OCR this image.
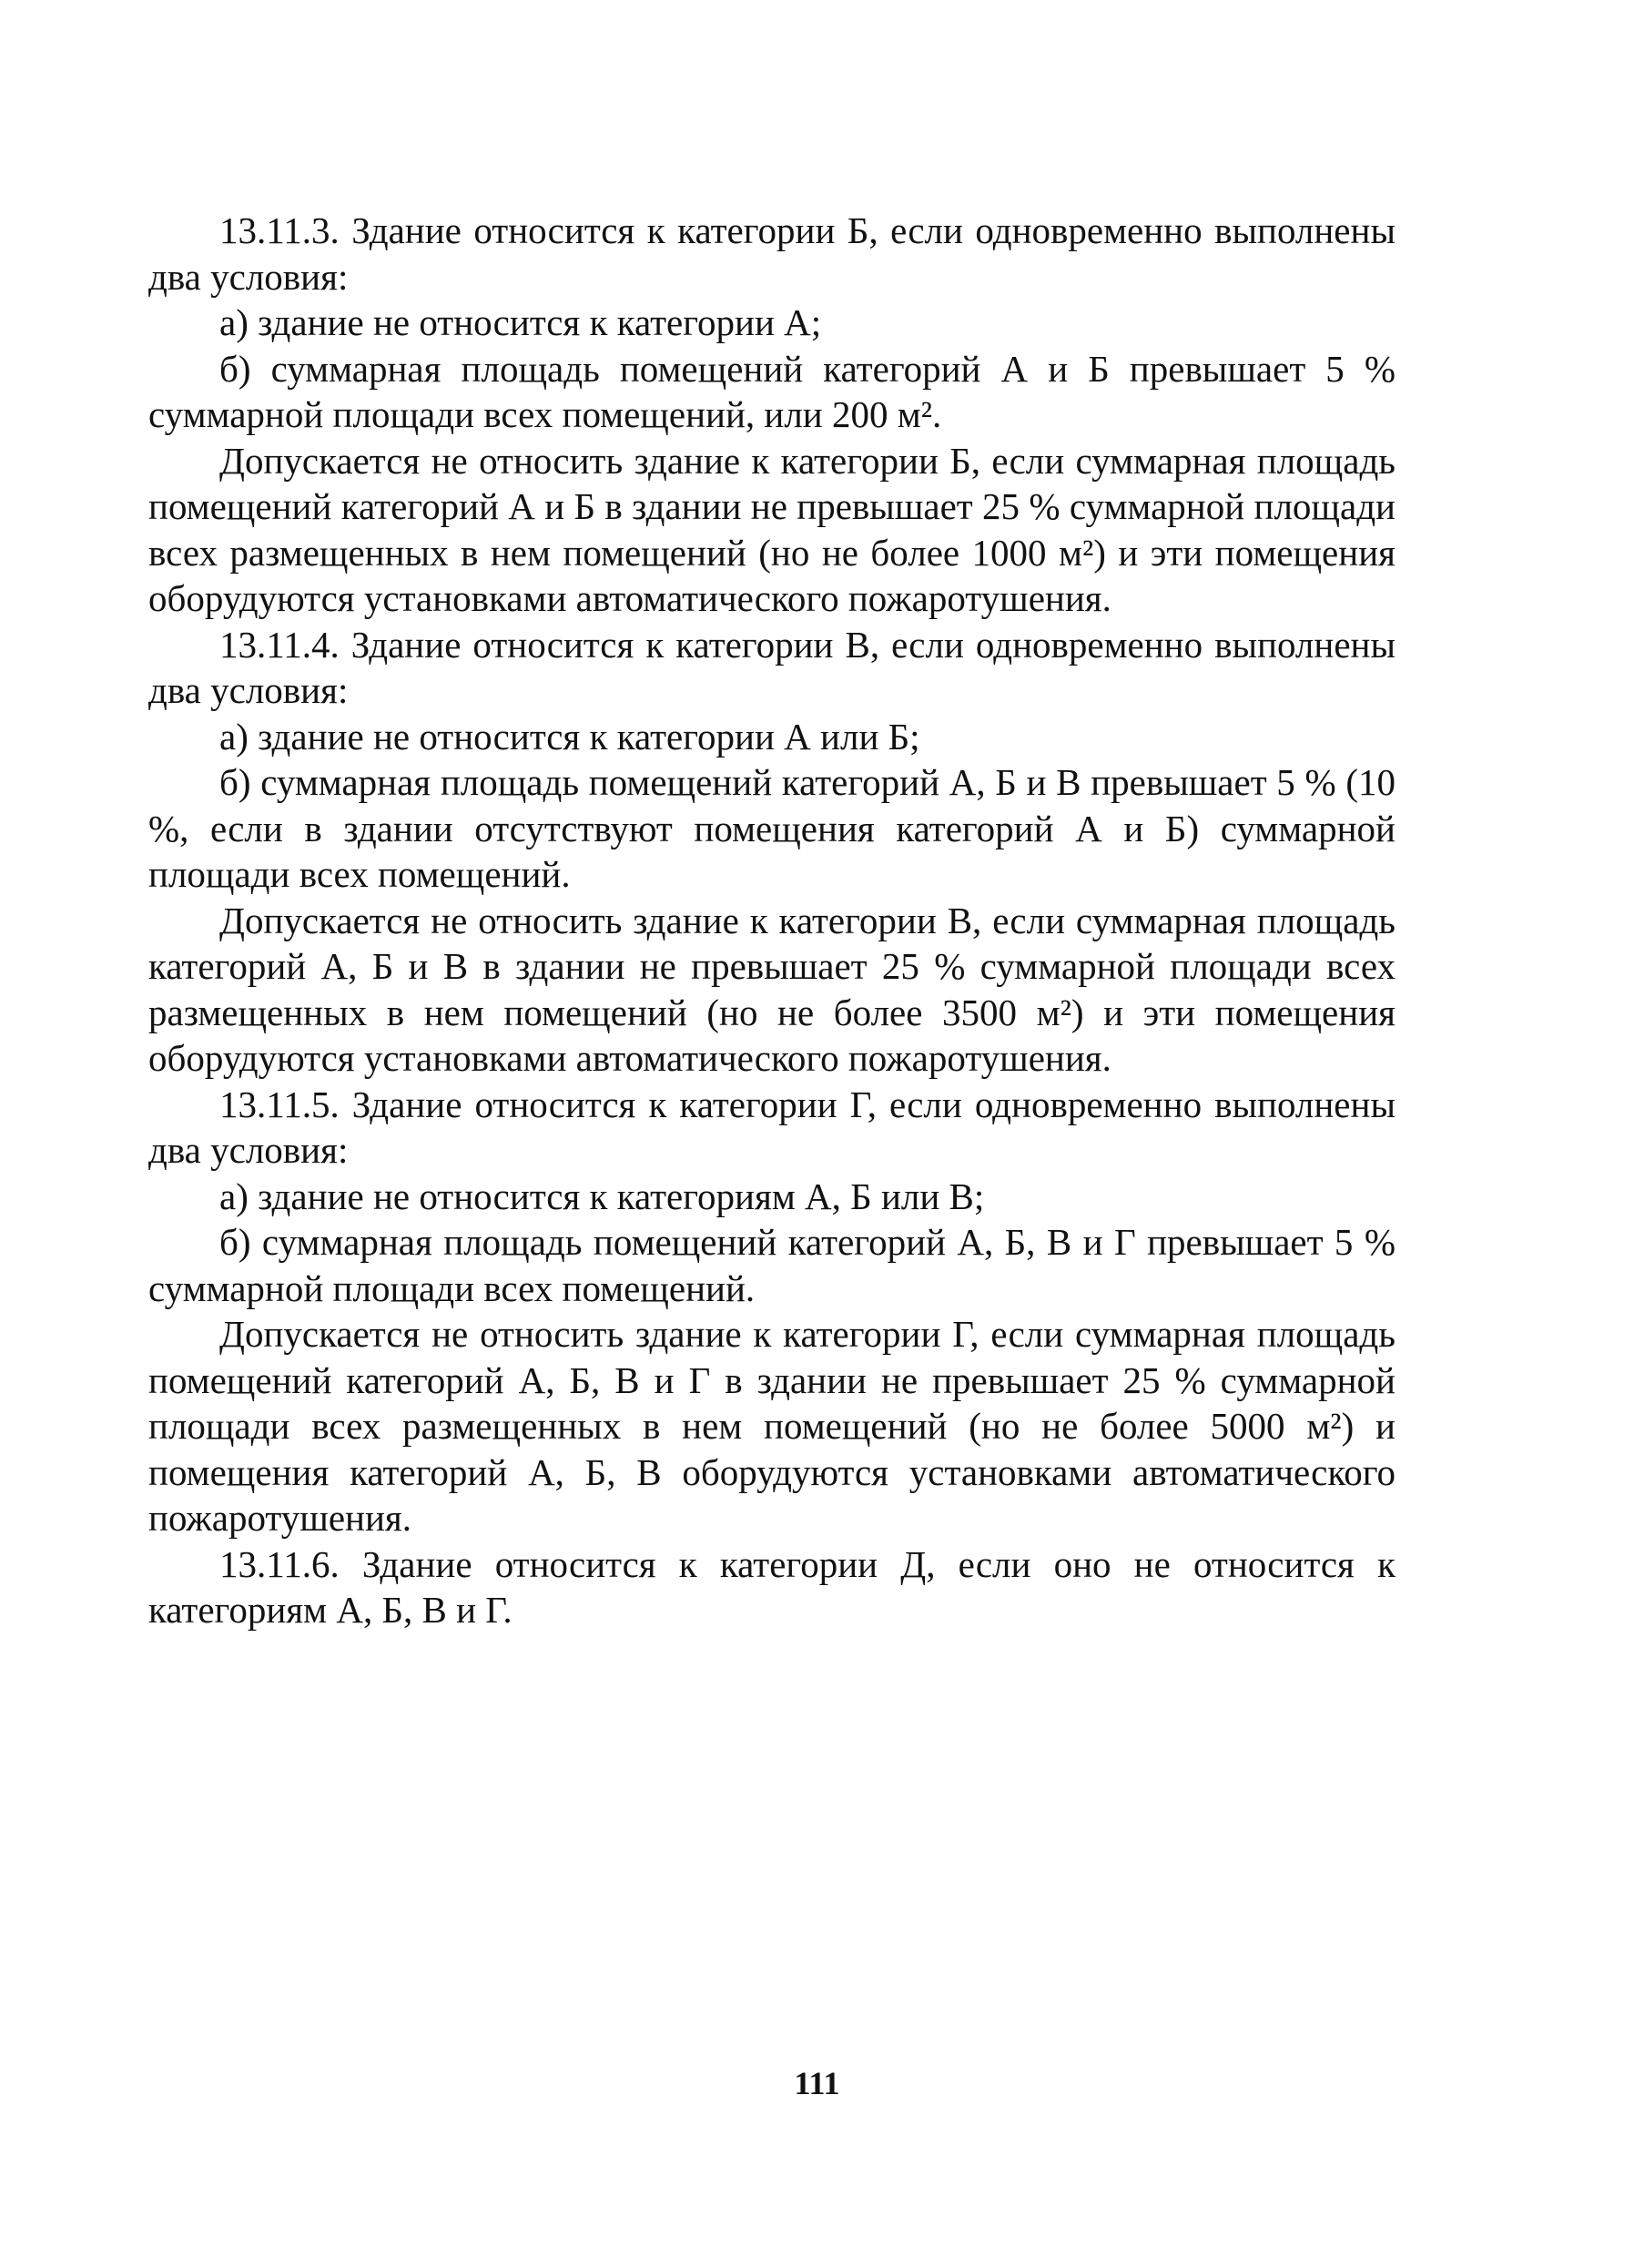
13.11.3. Здание относится к категории Б, если одновременно выполнены два условия:

а) здание не относится к категории А;

б) суммарная площадь помещений категорий А и Б превышает 5 % суммарной площади всех помещений, или 200 м².

Допускается не относить здание к категории Б, если суммарная площадь помещений категорий А и Б в здании не превышает 25 % суммарной площади всех размещенных в нем помещений (но не более 1000 м²) и эти помещения оборудуются установками автоматического пожаротушения.

13.11.4. Здание относится к категории В, если одновременно выполнены два условия:

а) здание не относится к категории А или Б;

б) суммарная площадь помещений категорий А, Б и В превышает 5 % (10 %, если в здании отсутствуют помещения категорий А и Б) суммарной площади всех помещений.

Допускается не относить здание к категории В, если суммарная площадь категорий А, Б и В в здании не превышает 25 % суммарной площади всех размещенных в нем помещений (но не более 3500 м²) и эти помещения оборудуются установками автоматического пожаротушения.

13.11.5. Здание относится к категории Г, если одновременно выполнены два условия:

а) здание не относится к категориям А, Б или В;

б) суммарная площадь помещений категорий А, Б, В и Г превышает 5 % суммарной площади всех помещений.

Допускается не относить здание к категории Г, если суммарная площадь помещений категорий А, Б, В и Г в здании не превышает 25 % суммарной площади всех размещенных в нем помещений (но не более 5000 м²) и помещения категорий А, Б, В оборудуются установками автоматического пожаротушения.

13.11.6. Здание относится к категории Д, если оно не относится к категориям А, Б, В и Г.

111
